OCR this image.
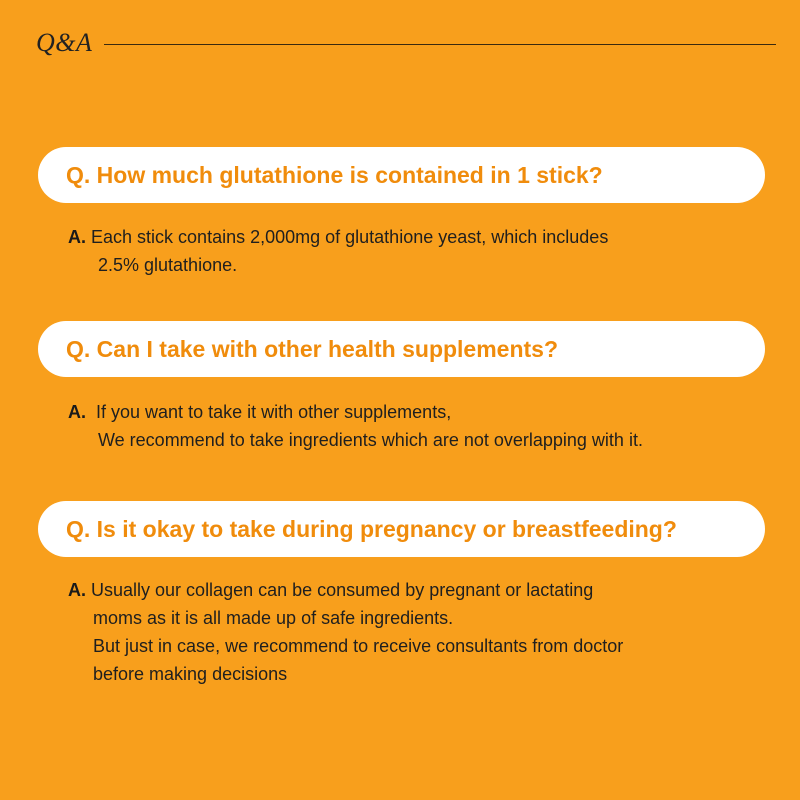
Q&A
Q. How much glutathione is contained in 1 stick?
A. Each stick contains 2,000mg of glutathione yeast, which includes
2.5% glutathione.
Q. Can I take with other health supplements?
A. If you want to take it with other supplements,
We recommend to take ingredients which are not overlapping with it.
Q. Is it okay to take during pregnancy or breastfeeding?
A. Usually our collagen can be consumed by pregnant or lactating
moms as it is all made up of safe ingredients.
But just in case, we recommend to receive consultants from doctor
before making decisions
